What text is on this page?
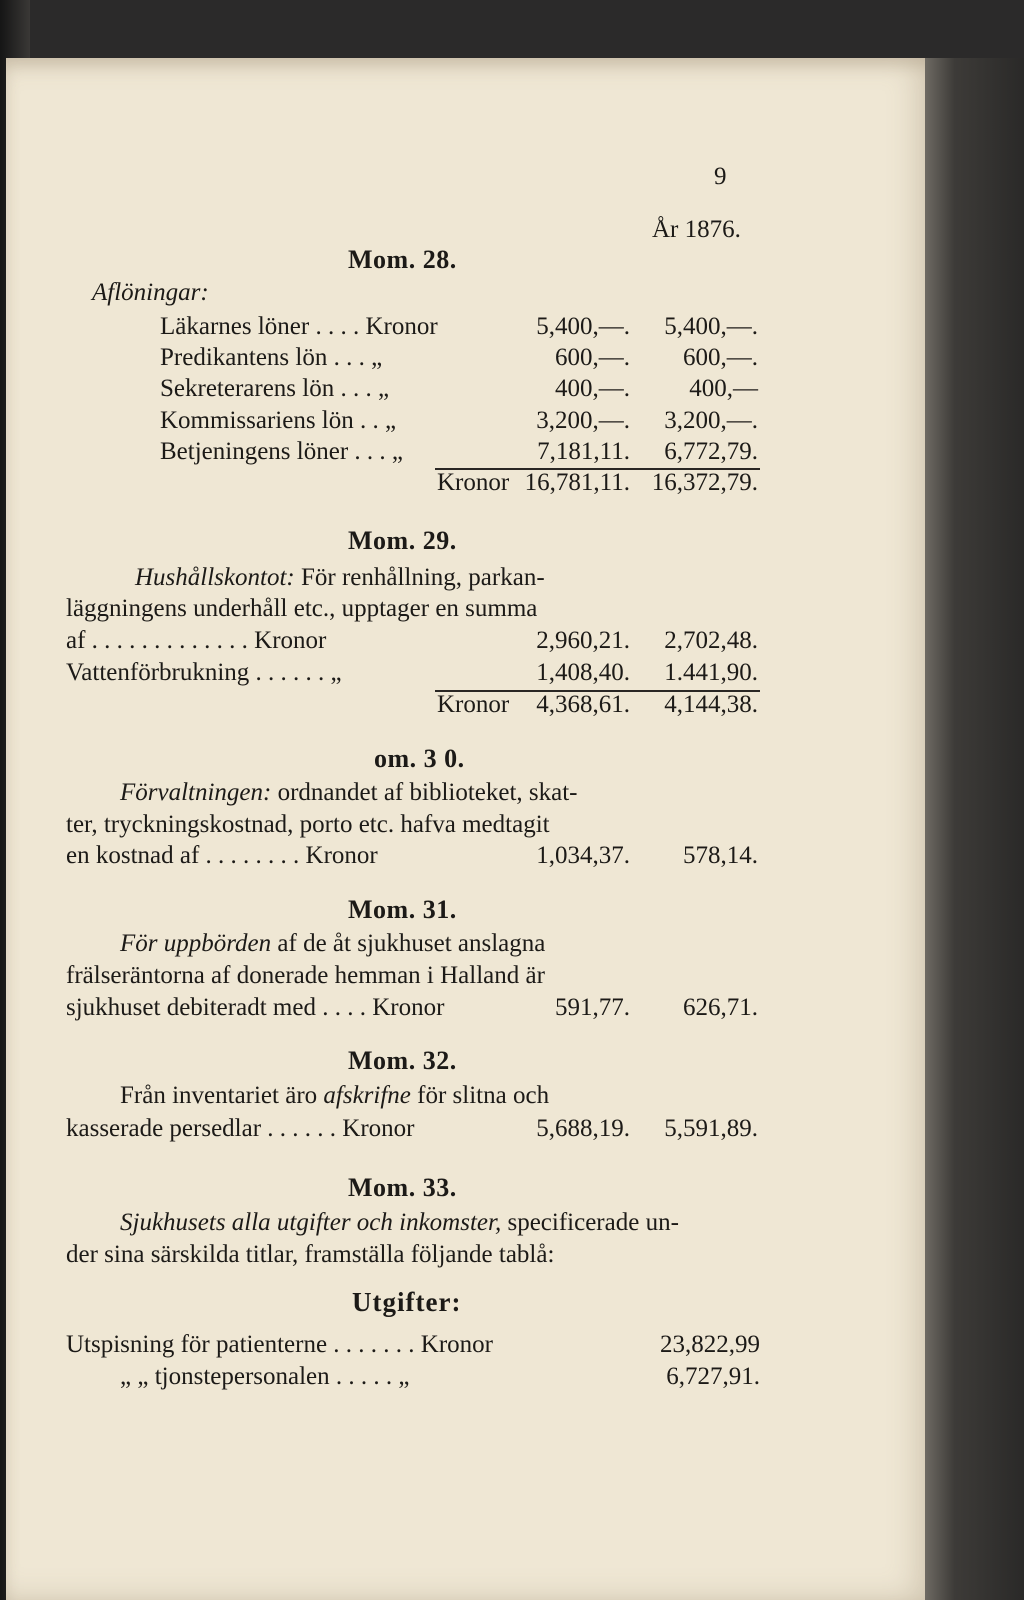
9
År 1876.
Mom. 28.
Aflöningar:
Läkarnes löner . . . . Kronor	5,400,—.	5,400,—.
Predikantens lön . . . „	600,—.	600,—.
Sekreterarens lön . . . „	400,—.	400,—
Kommissariens lön . . „	3,200,—.	3,200,—.
Betjeningens löner . . . „	7,181,11.	6,772,79.
Kronor 16,781,11. 16,372,79.
Mom. 29.
Hushållskontot: För renhållning, parkan-
läggningens underhåll etc., upptager en summa
af . . . . . . . . . . . . . Kronor	2,960,21.	2,702,48.
Vattenförbrukning . . . . . . „	1,408,40.	1.441,90.
Kronor	4,368,61.	4,144,38.
om. 3 0.
Förvaltningen: ordnandet af biblioteket, skat-
ter, tryckningskostnad, porto etc. hafva medtagit
en kostnad af . . . . . . . . Kronor	1,034,37.	578,14.
Mom. 31.
För uppbörden af de åt sjukhuset anslagna
frälseräntorna af donerade hemman i Halland är
sjukhuset debiteradt med . . . . Kronor	591,77.	626,71.
Mom. 32.
Från inventariet äro afskrifne för slitna och
kasserade persedlar . . . . . . Kronor	5,688,19.	5,591,89.
Mom. 33.
Sjukhusets alla utgifter och inkomster, specificerade un-
der sina särskilda titlar, framställa följande tablå:
Utgifter:
Utspisning för patienterne . . . . . . . Kronor	23,822,99
„ „ tjonstepersonalen . . . . . „	6,727,91.
